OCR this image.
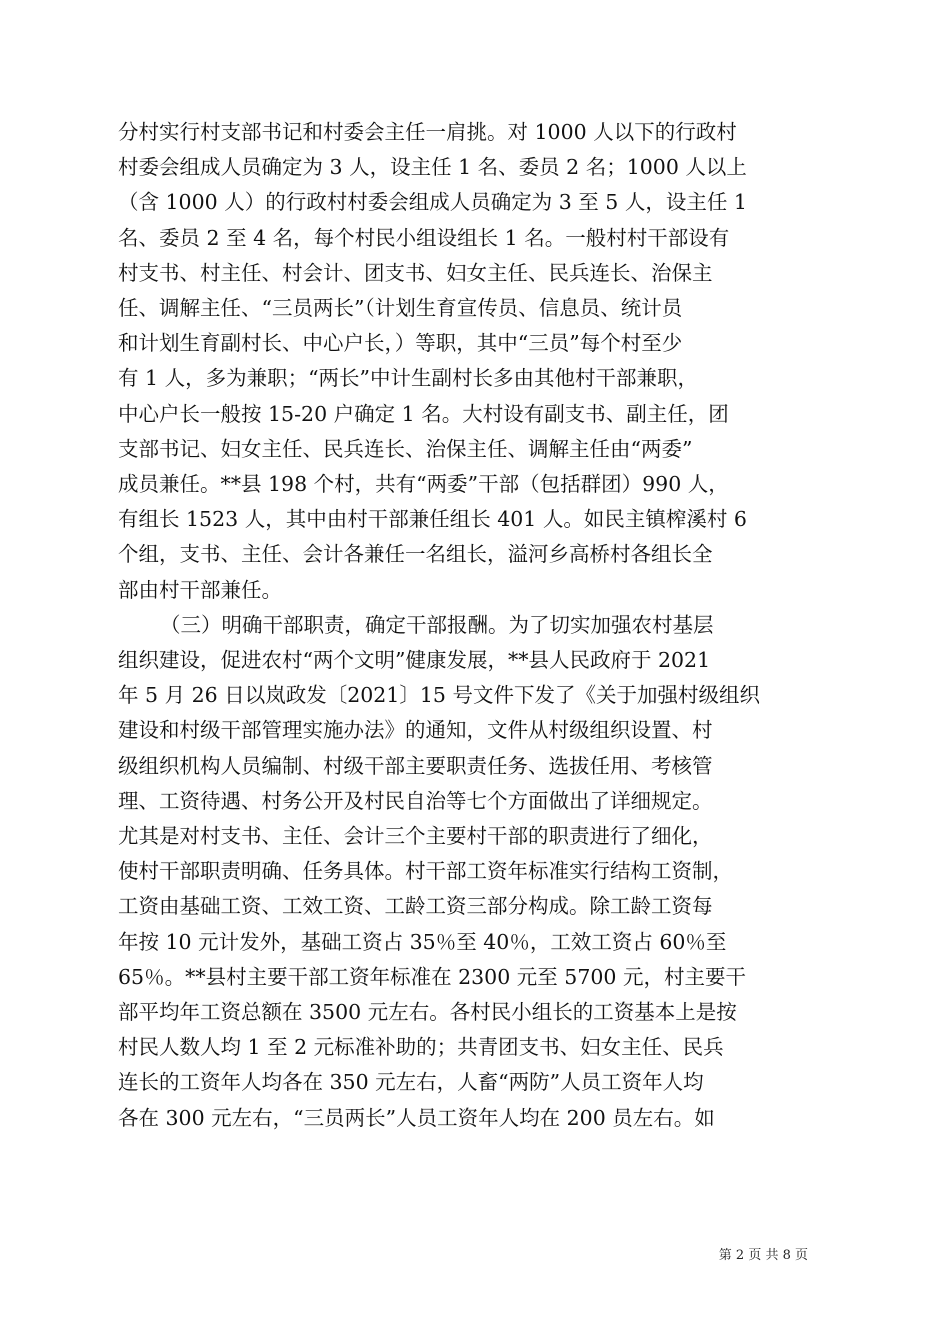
分村实行村支部书记和村委会主任一肩挑。对 1000 人以下的行政村
村委会组成人员确定为 3 人，设主任 1 名、委员 2 名；1000 人以上
（含 1000 人）的行政村村委会组成人员确定为 3 至 5 人，设主任 1
名、委员 2 至 4 名，每个村民小组设组长 1 名。一般村村干部设有
村支书、村主任、村会计、团支书、妇女主任、民兵连长、治保主
任、调解主任、“三员两长”（计划生育宣传员、信息员、统计员
和计划生育副村长、中心户长，）等职，其中“三员”每个村至少
有 1 人，多为兼职；“两长”中计生副村长多由其他村干部兼职，
中心户长一般按 15-20 户确定 1 名。大村设有副支书、副主任，团
支部书记、妇女主任、民兵连长、治保主任、调解主任由“两委”
成员兼任。**县 198 个村，共有“两委”干部（包括群团）990 人，
有组长 1523 人，其中由村干部兼任组长 401 人。如民主镇榨溪村 6
个组，支书、主任、会计各兼任一名组长，溢河乡高桥村各组长全
部由村干部兼任。
（三）明确干部职责，确定干部报酬。为了切实加强农村基层
组织建设，促进农村“两个文明”健康发展，**县人民政府于 2021
年 5 月 26 日以岚政发〔2021〕15 号文件下发了《关于加强村级组织
建设和村级干部管理实施办法》的通知，文件从村级组织设置、村
级组织机构人员编制、村级干部主要职责任务、选拔任用、考核管
理、工资待遇、村务公开及村民自治等七个方面做出了详细规定。
尤其是对村支书、主任、会计三个主要村干部的职责进行了细化，
使村干部职责明确、任务具体。村干部工资年标准实行结构工资制，
工资由基础工资、工效工资、工龄工资三部分构成。除工龄工资每
年按 10 元计发外，基础工资占 35％至 40％，工效工资占 60％至
65％。**县村主要干部工资年标准在 2300 元至 5700 元，村主要干
部平均年工资总额在 3500 元左右。各村民小组长的工资基本上是按
村民人数人均 1 至 2 元标准补助的；共青团支书、妇女主任、民兵
连长的工资年人均各在 350 元左右，人畜“两防”人员工资年人均
各在 300 元左右，“三员两长”人员工资年人均在 200 员左右。如
第 2 页 共 8 页
